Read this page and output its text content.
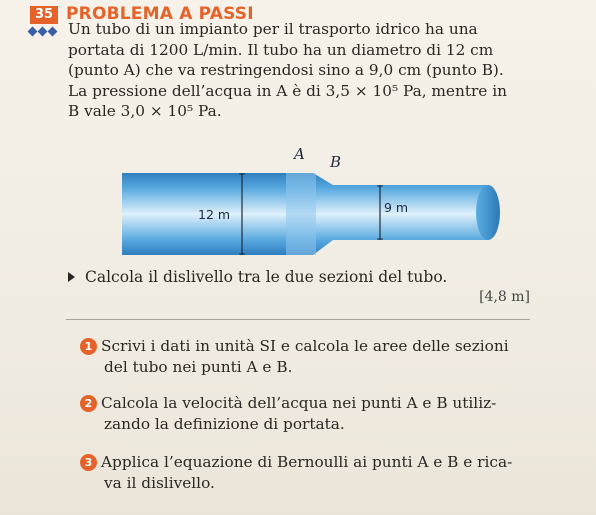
35 PROBLEMA A PASSI

Un tubo di un impianto per il trasporto idrico ha una

portata di 1200 L/min. Il tubo ha un diametro di 12 cm

(punto A) che va restringendosi sino a 9,0 cm (punto B).

La pressione dell’acqua in A è di 3,5 × 10⁵ Pa, mentre in

B vale 3,0 × 10⁵ Pa.

A B
12 m	9 m
Calcola il dislivello tra le due sezioni del tubo.
[4,8 m]
1 Scrivi i dati in unità SI e calcola le aree delle sezioni
del tubo nei punti A e B.
2 Calcola la velocità dell’acqua nei punti A e B utiliz-
zando la definizione di portata.
3 Applica l’equazione di Bernoulli ai punti A e B e rica-
va il dislivello.
